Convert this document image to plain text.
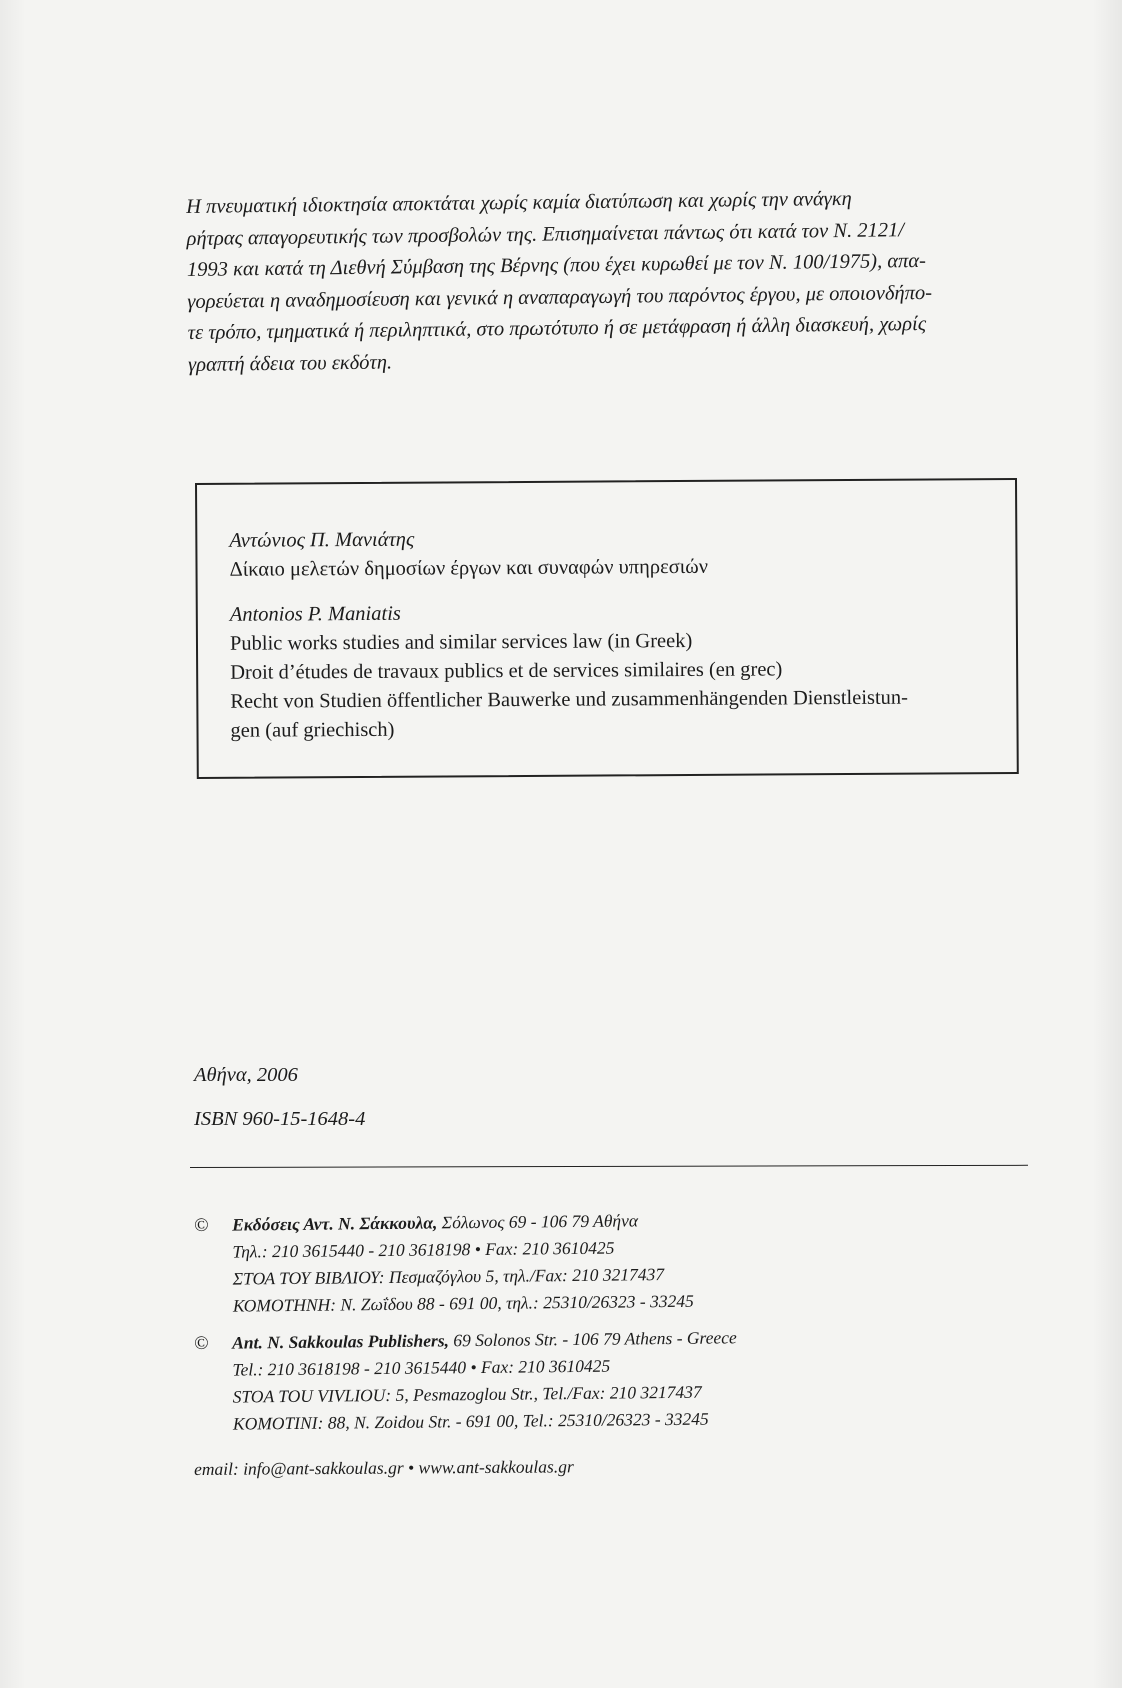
Η πνευματική ιδιοκτησία αποκτάται χωρίς καμία διατύπωση και χωρίς την ανάγκη
ρήτρας απαγορευτικής των προσβολών της. Επισημαίνεται πάντως ότι κατά τον Ν. 2121/
1993 και κατά τη Διεθνή Σύμβαση της Βέρνης (που έχει κυρωθεί με τον Ν. 100/1975), απα-
γορεύεται η αναδημοσίευση και γενικά η αναπαραγωγή του παρόντος έργου, με οποιονδήπο-
τε τρόπο, τμηματικά ή περιληπτικά, στο πρωτότυπο ή σε μετάφραση ή άλλη διασκευή, χωρίς
γραπτή άδεια του εκδότη.

Αντώνιος Π. Μανιάτης
Δίκαιο μελετών δημοσίων έργων και συναφών υπηρεσιών
Antonios P. Maniatis
Public works studies and similar services law (in Greek)
Droit d’études de travaux publics et de services similaires (en grec)
Recht von Studien öffentlicher Bauwerke und zusammenhängenden Dienstleistun-
gen (auf griechisch)
Αθήνα, 2006
ISBN 960-15-1648-4
© Εκδόσεις Αντ. Ν. Σάκκουλα, Σόλωνος 69 - 106 79 Αθήνα
Τηλ.: 210 3615440 - 210 3618198 • Fax: 210 3610425
ΣΤΟΑ ΤΟΥ ΒΙΒΛΙΟΥ: Πεσμαζόγλου 5, τηλ./Fax: 210 3217437
ΚΟΜΟΤΗΝΗ: Ν. Ζωΐδου 88 - 691 00, τηλ.: 25310/26323 - 33245
© Ant. N. Sakkoulas Publishers, 69 Solonos Str. - 106 79 Athens - Greece
Tel.: 210 3618198 - 210 3615440 • Fax: 210 3610425
STOA TOU VIVLIOU: 5, Pesmazoglou Str., Tel./Fax: 210 3217437
KOMOTINI: 88, N. Zoidou Str. - 691 00, Tel.: 25310/26323 - 33245
email: info@ant-sakkoulas.gr • www.ant-sakkoulas.gr
